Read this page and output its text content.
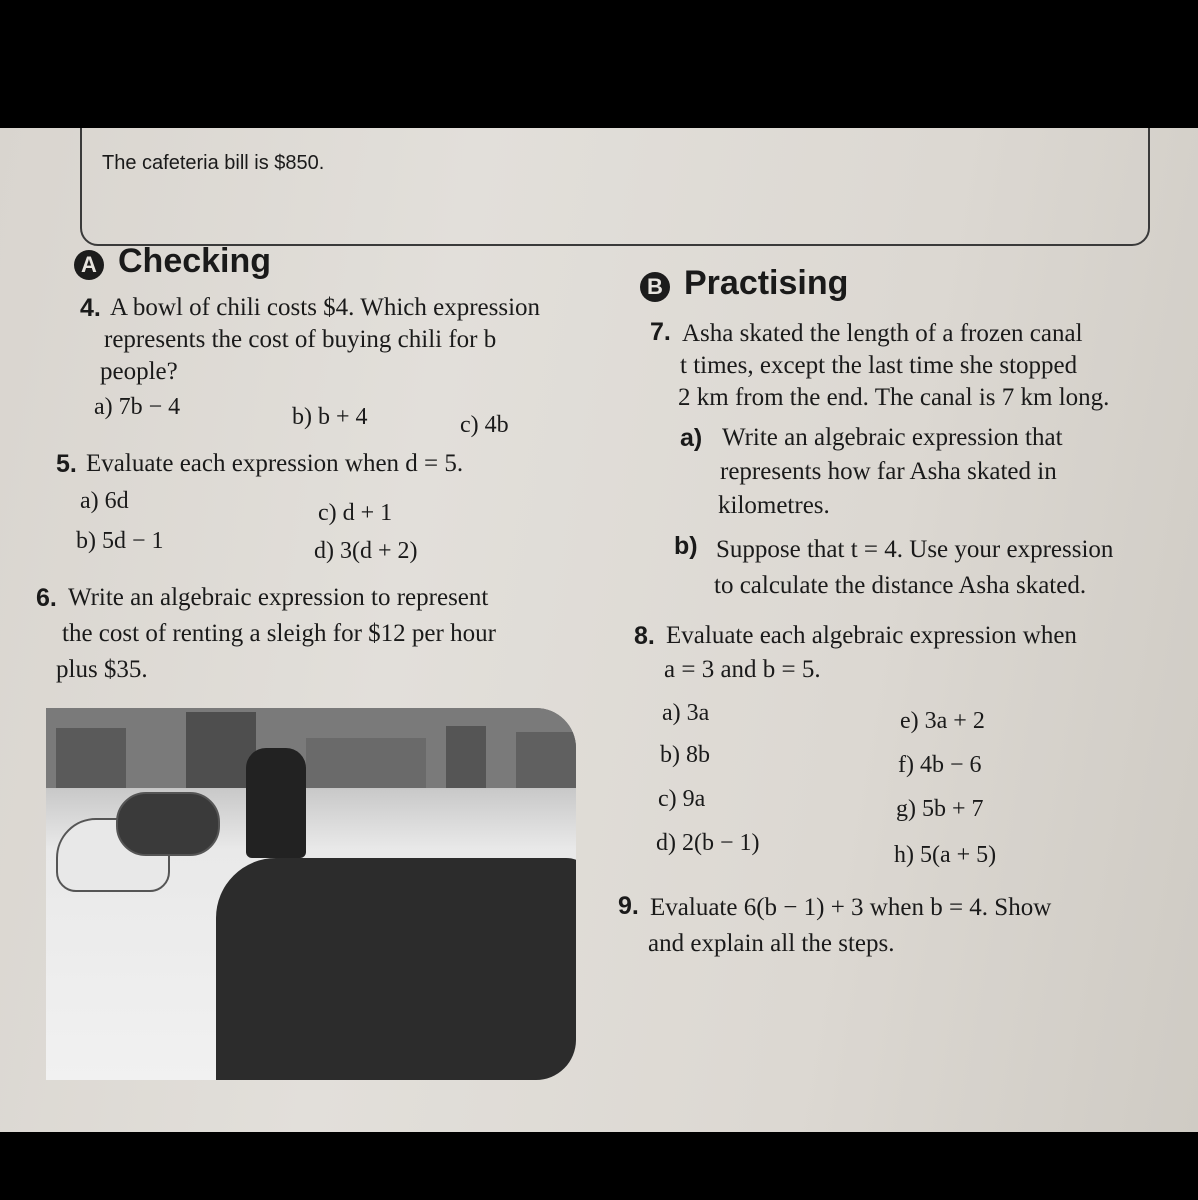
The cafeteria bill is $850.
A Checking
4. A bowl of chili costs $4. Which expression
represents the cost of buying chili for b
people?
a) 7b − 4	b) b + 4	c) 4b
5. Evaluate each expression when d = 5.
a) 6d
b) 5d − 1
c) d + 1
d) 3(d + 2)
6. Write an algebraic expression to represent
the cost of renting a sleigh for $12 per hour
plus $35.
B Practising
7. Asha skated the length of a frozen canal
t times, except the last time she stopped
2 km from the end. The canal is 7 km long.
a) Write an algebraic expression that
represents how far Asha skated in
kilometres.
b) Suppose that t = 4. Use your expression
to calculate the distance Asha skated.
8. Evaluate each algebraic expression when
a = 3 and b = 5.
a) 3a
b) 8b
c) 9a
d) 2(b − 1)
e) 3a + 2
f) 4b − 6
g) 5b + 7
h) 5(a + 5)
9. Evaluate 6(b − 1) + 3 when b = 4. Show
and explain all the steps.
